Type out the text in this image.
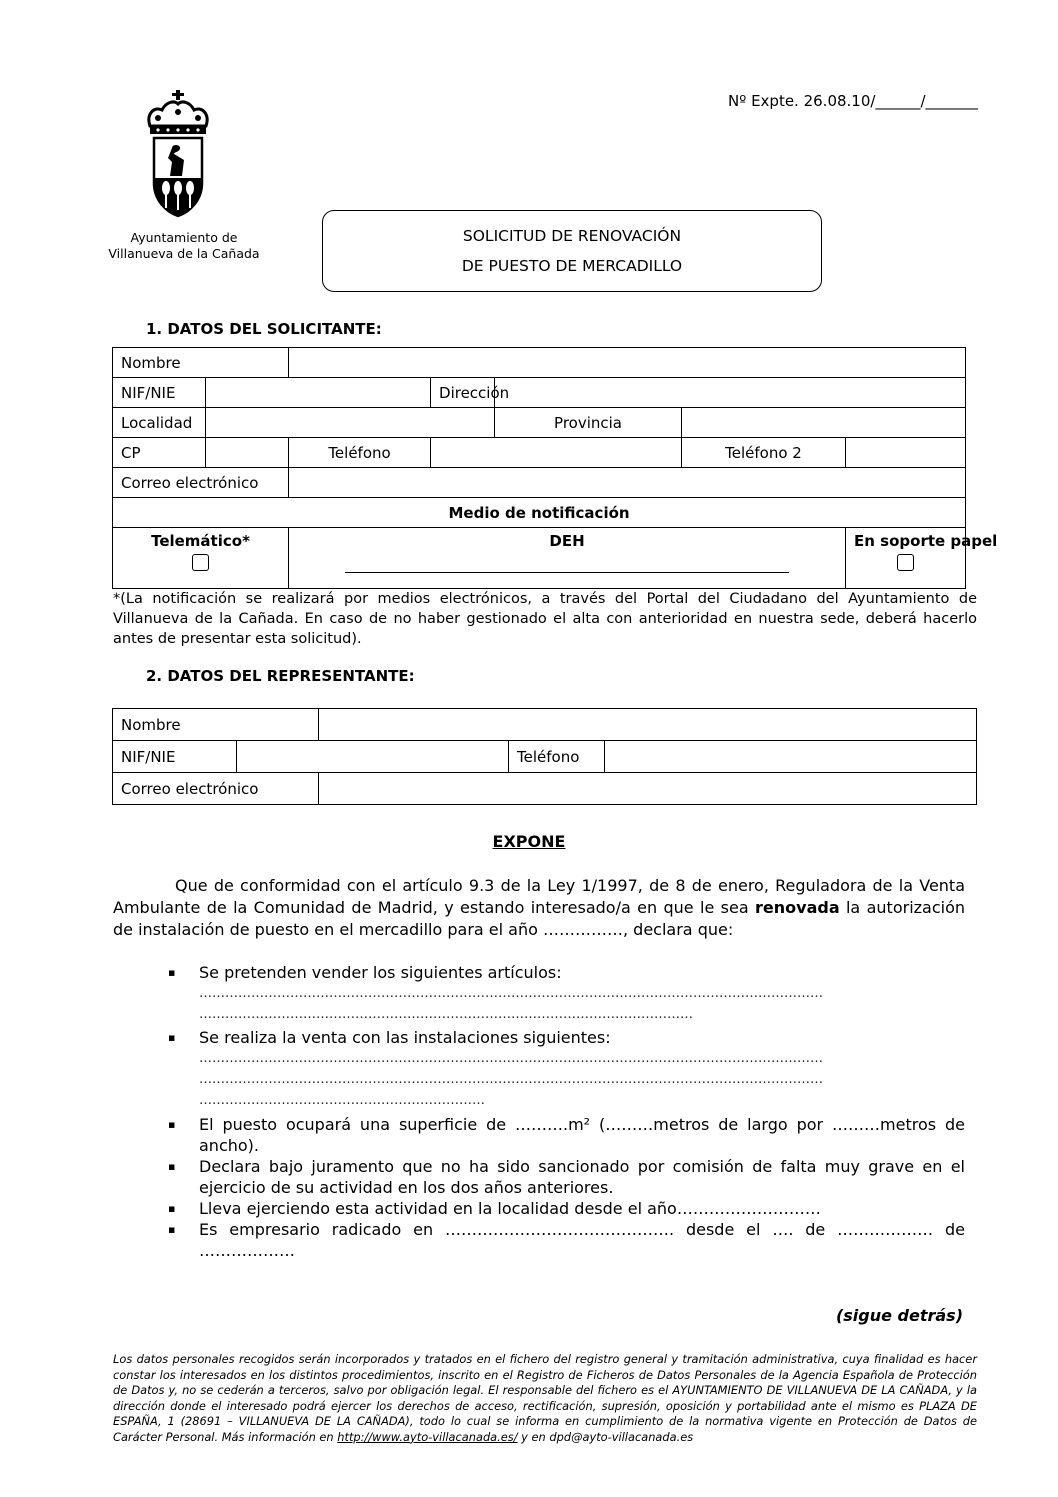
Nº Expte. 26.08.10/______/_______
Ayuntamiento de
Villanueva de la Cañada
SOLICITUD DE RENOVACIÓN
DE PUESTO DE MERCADILLO
1. DATOS DEL SOLICITANTE:
Nombre						
NIF/NIE			Dirección			
Localidad				Provincia		
CP		Teléfono			Teléfono 2	
Correo electrónico						
Medio de notificación						

Telemático*		DEH				En soporte papel
*(La notificación se realizará por medios electrónicos, a través del Portal del Ciudadano del Ayuntamiento de Villanueva de la Cañada. En caso de no haber gestionado el alta con anterioridad en nuestra sede, deberá hacerlo antes de presentar esta solicitud).
2. DATOS DEL REPRESENTANTE:
Nombre				
NIF/NIE			Teléfono	
Correo electrónico				
EXPONE
Que de conformidad con el artículo 9.3 de la Ley 1/1997, de 8 de enero, Reguladora de la Venta Ambulante de la Comunidad de Madrid, y estando interesado/a en que le sea renovada la autorización de instalación de puesto en el mercadillo para el año ……………, declara que:
▪	Se pretenden vender los siguientes artículos:
………………………………………………………………………………………………………………………………
……………………………………………………………………………………………………
▪	Se realiza la venta con las instalaciones siguientes:
………………………………………………………………………………………………………………………………
………………………………………………………………………………………………………………………………
…………………………………………………………
▪	El puesto ocupará una superficie de ……….m² (………metros de largo por ………metros de ancho).
▪	Declara bajo juramento que no ha sido sancionado por comisión de falta muy grave en el ejercicio de su actividad en los dos años anteriores.
▪	Lleva ejerciendo esta actividad en la localidad desde el año………………………
▪	Es empresario radicado en ……………………………………. desde el …. de ……………… de ………………
(sigue detrás)
Los datos personales recogidos serán incorporados y tratados en el fichero del registro general y tramitación administrativa, cuya finalidad es hacer constar los interesados en los distintos procedimientos, inscrito en el Registro de Ficheros de Datos Personales de la Agencia Española de Protección de Datos y, no se cederán a terceros, salvo por obligación legal. El responsable del fichero es el AYUNTAMIENTO DE VILLANUEVA DE LA CAÑADA, y la dirección donde el interesado podrá ejercer los derechos de acceso, rectificación, supresión, oposición y portabilidad ante el mismo es PLAZA DE ESPAÑA, 1 (28691 – VILLANUEVA DE LA CAÑADA), todo lo cual se informa en cumplimiento de la normativa vigente en Protección de Datos de Carácter Personal. Más información en http://www.ayto-villacanada.es/ y en dpd@ayto-villacanada.es
